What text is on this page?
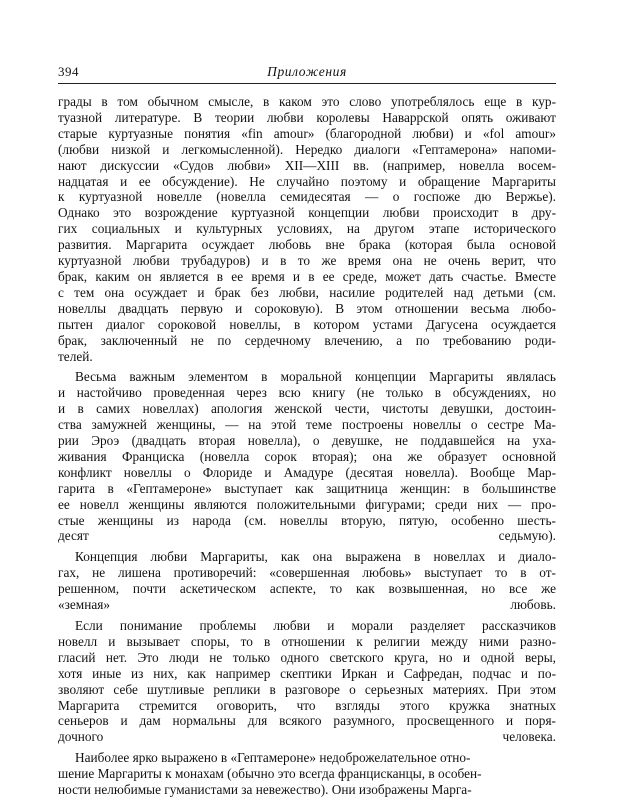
394	Приложения

грады в том обычном смысле, в каком это слово употреблялось еще в кур-
туазной литературе. В теории любви королевы Наваррской опять оживают
старые куртуазные понятия «fin amour» (благородной любви) и «fol amour»
(любви низкой и легкомысленной). Нередко диалоги «Гептамерона» напоми-
нают дискуссии «Судов любви» XII—XIII вв. (например, новелла восем-
надцатая и ее обсуждение). Не случайно поэтому и обращение Маргариты
к куртуазной новелле (новелла семидесятая — о госпоже дю Вержье).
Однако это возрождение куртуазной концепции любви происходит в дру-
гих социальных и культурных условиях, на другом этапе исторического
развития. Маргарита осуждает любовь вне брака (которая была основой
куртуазной любви трубадуров) и в то же время она не очень верит, что
брак, каким он является в ее время и в ее среде, может дать счастье. Вместе
с тем она осуждает и брак без любви, насилие родителей над детьми (см.
новеллы двадцать первую и сороковую). В этом отношении весьма любо-
пытен диалог сороковой новеллы, в котором устами Дагусена осуждается
брак, заключенный не по сердечному влечению, а по требованию роди-
телей.

Весьма важным элементом в моральной концепции Маргариты являлась
и настойчиво проведенная через всю книгу (не только в обсуждениях, но
и в самих новеллах) апология женской чести, чистоты девушки, достоин-
ства замужней женщины, — на этой теме построены новеллы о сестре Ма-
рии Эроэ (двадцать вторая новелла), о девушке, не поддавшейся на уха-
живания Франциска (новелла сорок вторая); она же образует основной
конфликт новеллы о Флориде и Амадуре (десятая новелла). Вообще Мар-
гарита в «Гептамероне» выступает как защитница женщин: в большинстве
ее новелл женщины являются положительными фигурами; среди них — про-
стые женщины из народа (см. новеллы вторую, пятую, особенно шесть-
десят седьмую).

Концепция любви Маргариты, как она выражена в новеллах и диало-
гах, не лишена противоречий: «совершенная любовь» выступает то в от-
решенном, почти аскетическом аспекте, то как возвышенная, но все же
«земная» любовь.

Если понимание проблемы любви и морали разделяет рассказчиков
новелл и вызывает споры, то в отношении к религии между ними разно-
гласий нет. Это люди не только одного светского круга, но и одной веры,
хотя иные из них, как например скептики Иркан и Сафредан, подчас и по-
зволяют себе шутливые реплики в разговоре о серьезных материях. При этом
Маргарита стремится оговорить, что взгляды этого кружка знатных
сеньеров и дам нормальны для всякого разумного, просвещенного и поря-
дочного человека.

Наиболее ярко выражено в «Гептамероне» недоброжелательное отно-
шение Маргариты к монахам (обычно это всегда францисканцы, в особен-
ности нелюбимые гуманистами за невежество). Они изображены Марга-
